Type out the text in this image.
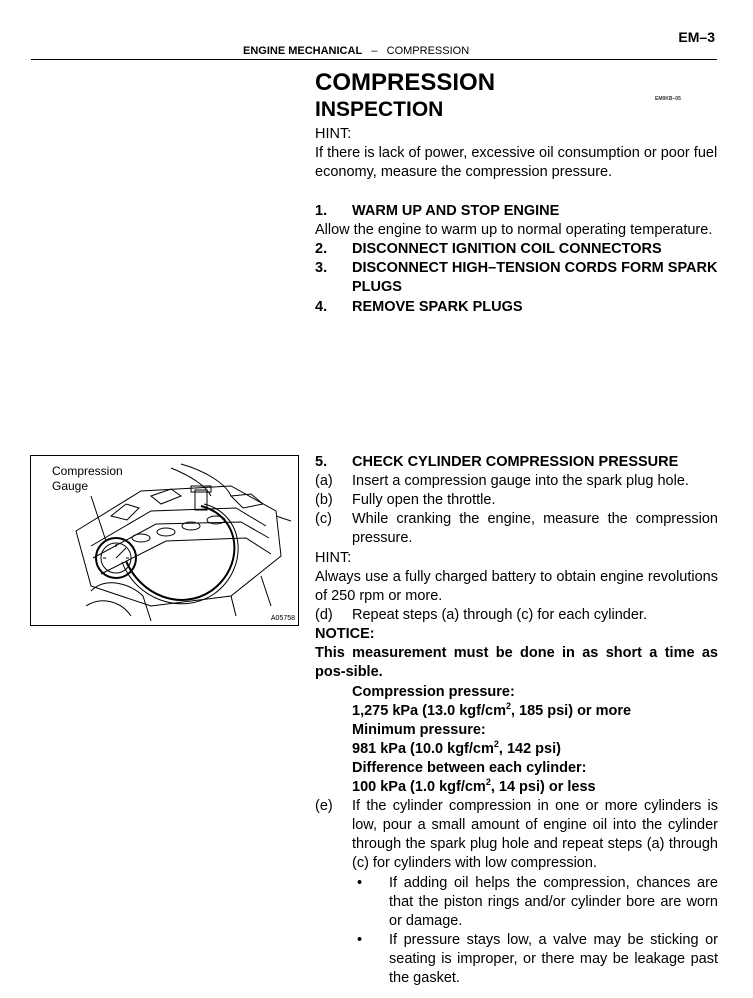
EM–3
ENGINE MECHANICAL – COMPRESSION
COMPRESSION
INSPECTION	EM0KB–05

HINT:

If there is lack of power, excessive oil consumption or poor fuel economy, measure the compression pressure.

1. WARM UP AND STOP ENGINE
Allow the engine to warm up to normal operating temperature.
2. DISCONNECT IGNITION COIL CONNECTORS
3. DISCONNECT HIGH–TENSION CORDS FORM SPARK PLUGS
4. REMOVE SPARK PLUGS
Compression
Gauge
A05758
5. CHECK CYLINDER COMPRESSION PRESSURE
(a) Insert a compression gauge into the spark plug hole.
(b) Fully open the throttle.
(c) While cranking the engine, measure the compression pressure.

HINT:

Always use a fully charged battery to obtain engine revolutions of 250 rpm or more.

(d) Repeat steps (a) through (c) for each cylinder.

NOTICE:

This measurement must be done in as short a time as pos-sible.

Compression pressure:
1,275 kPa (13.0 kgf/$cm^2$, 185 psi) or more
Minimum pressure:
981 kPa (10.0 kgf/$cm^2$, 142 psi)
Difference between each cylinder:
100 kPa (1.0 kgf/$cm^2$, 14 psi) or less
(e) If the cylinder compression in one or more cylinders is low, pour a small amount of engine oil into the cylinder through the spark plug hole and repeat steps (a) through (c) for cylinders with low compression.
• If adding oil helps the compression, chances are that the piston rings and/or cylinder bore are worn or damage.
• If pressure stays low, a valve may be sticking or seating is improper, or there may be leakage past the gasket.
